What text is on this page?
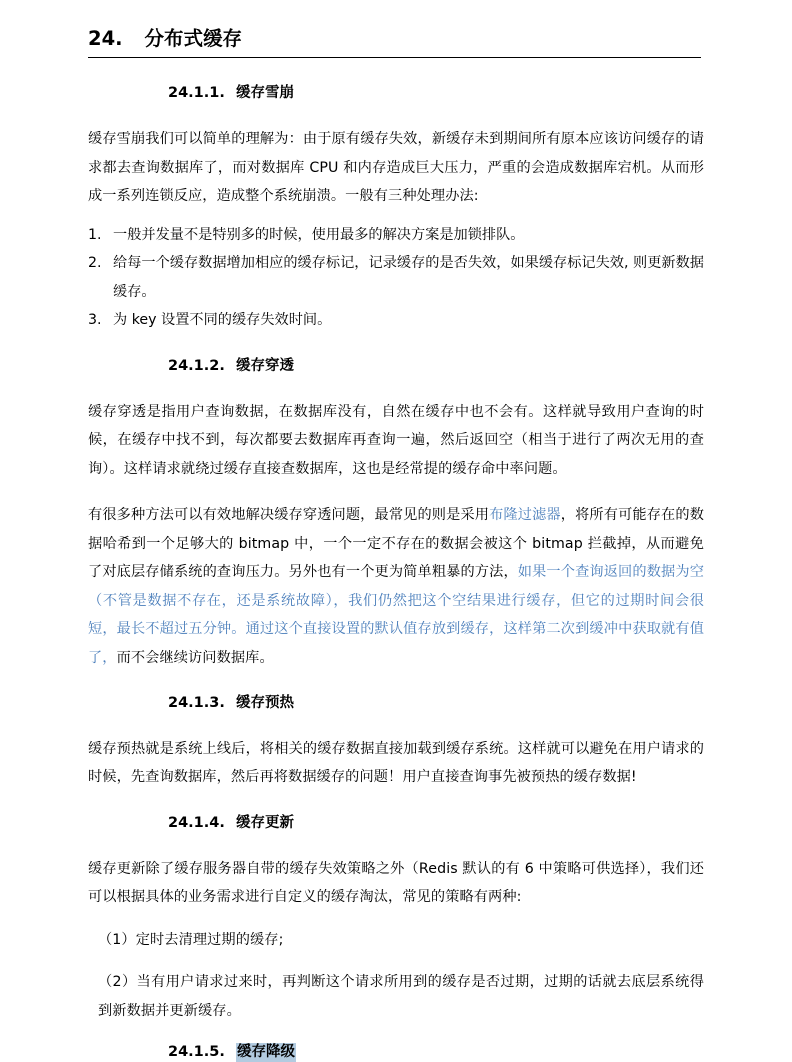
24. 分布式缓存
24.1.1. 缓存雪崩

缓存雪崩我们可以简单的理解为：由于原有缓存失效，新缓存未到期间所有原本应该访问缓存的请求都去查询数据库了，而对数据库 CPU 和内存造成巨大压力，严重的会造成数据库宕机。从而形成一系列连锁反应，造成整个系统崩溃。一般有三种处理办法:

1. 一般并发量不是特别多的时候，使用最多的解决方案是加锁排队。
2. 给每一个缓存数据增加相应的缓存标记，记录缓存的是否失效，如果缓存标记失效, 则更新数据缓存。
3. 为 key 设置不同的缓存失效时间。
24.1.2. 缓存穿透

缓存穿透是指用户查询数据，在数据库没有，自然在缓存中也不会有。这样就导致用户查询的时候，在缓存中找不到，每次都要去数据库再查询一遍，然后返回空（相当于进行了两次无用的查询）。这样请求就绕过缓存直接查数据库，这也是经常提的缓存命中率问题。

有很多种方法可以有效地解决缓存穿透问题，最常见的则是采用布隆过滤器，将所有可能存在的数据哈希到一个足够大的 bitmap 中，一个一定不存在的数据会被这个 bitmap 拦截掉，从而避免了对底层存储系统的查询压力。另外也有一个更为简单粗暴的方法，如果一个查询返回的数据为空（不管是数据不存在，还是系统故障），我们仍然把这个空结果进行缓存，但它的过期时间会很短，最长不超过五分钟。通过这个直接设置的默认值存放到缓存，这样第二次到缓冲中获取就有值了，而不会继续访问数据库。

24.1.3. 缓存预热

缓存预热就是系统上线后，将相关的缓存数据直接加载到缓存系统。这样就可以避免在用户请求的时候，先查询数据库，然后再将数据缓存的问题！用户直接查询事先被预热的缓存数据!

24.1.4. 缓存更新

缓存更新除了缓存服务器自带的缓存失效策略之外（Redis 默认的有 6 中策略可供选择），我们还可以根据具体的业务需求进行自定义的缓存淘汰，常见的策略有两种:

（1）定时去清理过期的缓存;

（2）当有用户请求过来时，再判断这个请求所用到的缓存是否过期，过期的话就去底层系统得到新数据并更新缓存。

24.1.5. 缓存降级
